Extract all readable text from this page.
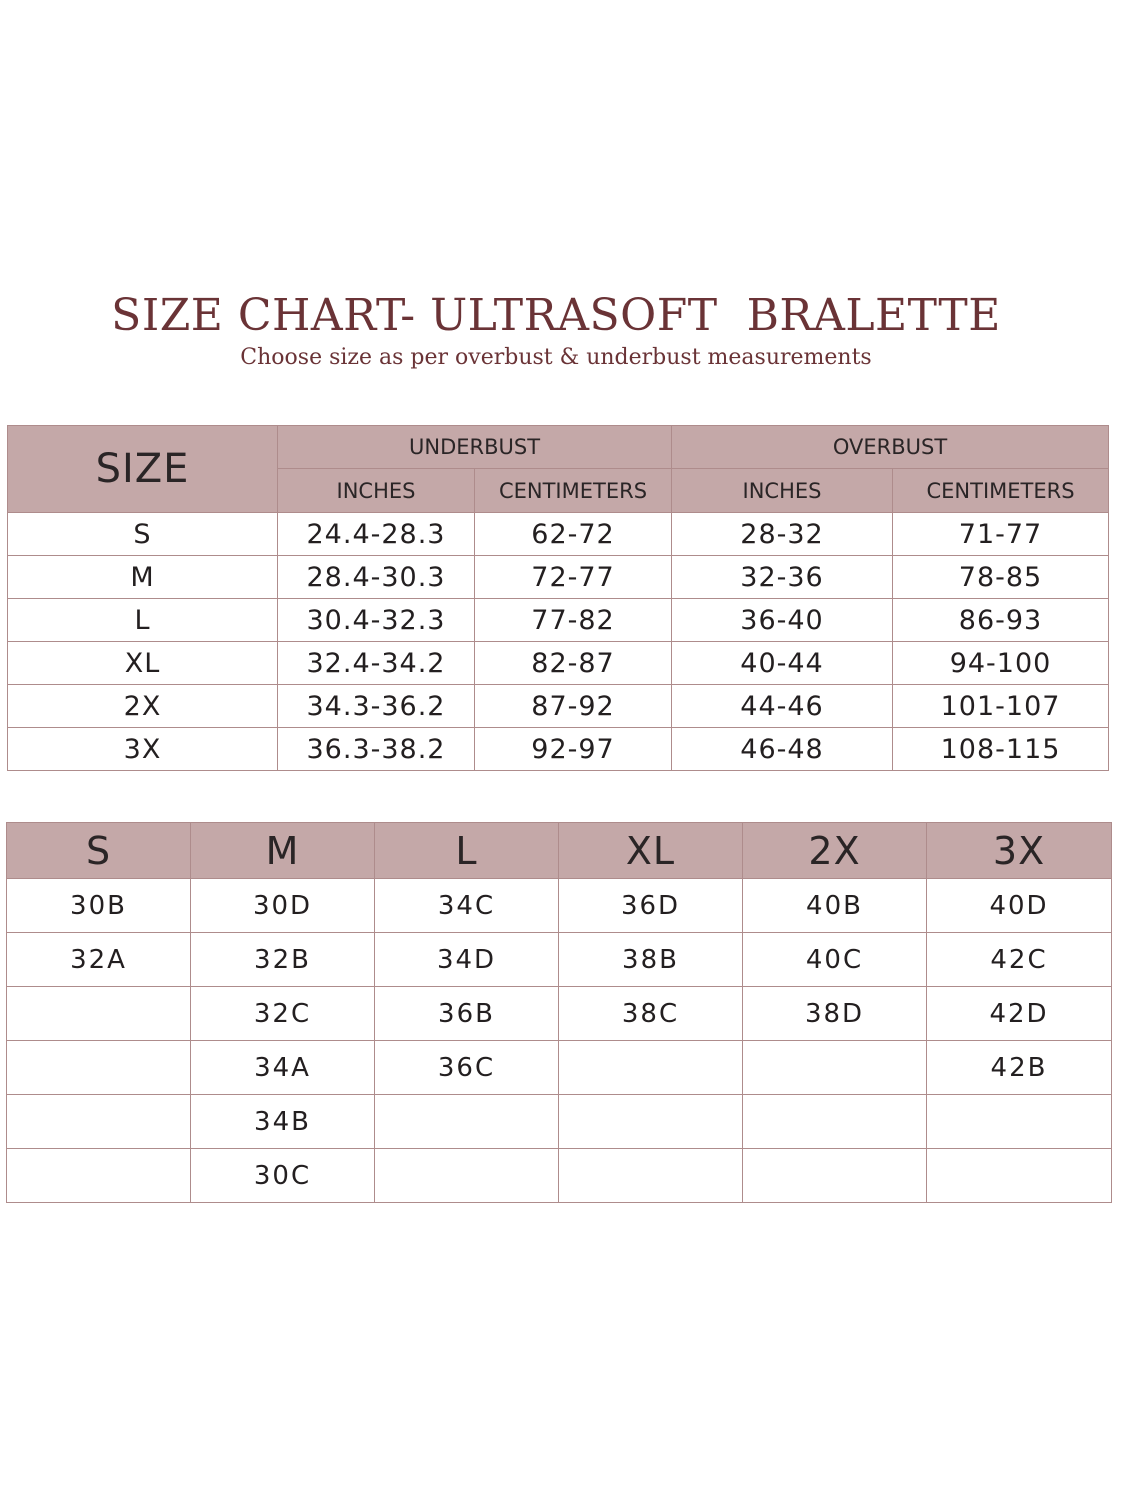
SIZE CHART- ULTRASOFT  BRALETTE
Choose size as per overbust & underbust measurements
SIZE	UNDERBUST		OVERBUST	
	INCHES	CENTIMETERS	INCHES	CENTIMETERS
S	24.4-28.3	62-72	28-32	71-77
M	28.4-30.3	72-77	32-36	78-85
L	30.4-32.3	77-82	36-40	86-93
XL	32.4-34.2	82-87	40-44	94-100
2X	34.3-36.2	87-92	44-46	101-107
3X	36.3-38.2	92-97	46-48	108-115
S	M	L	XL	2X	3X
30B	30D	34C	36D	40B	40D
32A	32B	34D	38B	40C	42C
	32C	36B	38C	38D	42D
	34A	36C			42B
	34B				
	30C				
